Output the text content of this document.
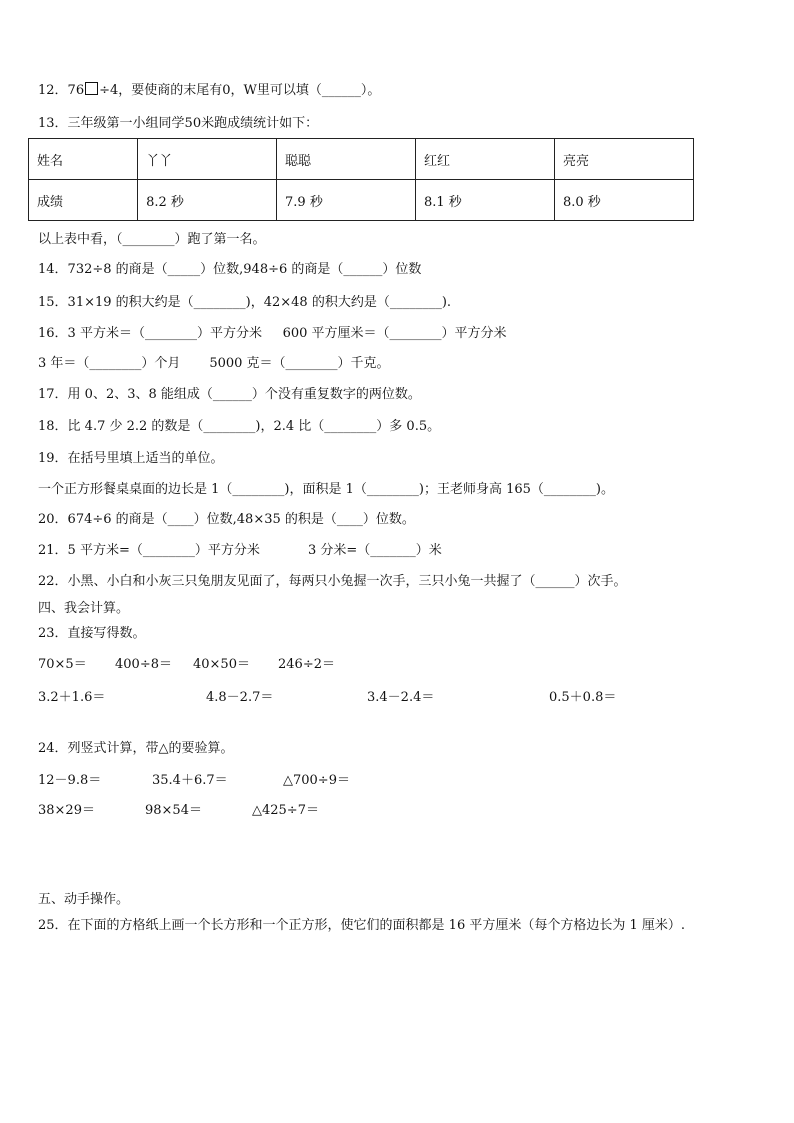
12．76 ÷4，要使商的末尾有0，W里可以填（______）。
13．三年级第一小组同学50米跑成绩统计如下：
姓名	丫丫	聪聪	红红	亮亮
成绩	8.2 秒	7.9 秒	8.1 秒	8.0 秒
以上表中看，（________）跑了第一名。
14．732÷8 的商是（_____）位数,948÷6 的商是（______）位数
15．31×19 的积大约是（________)，42×48 的积大约是（________).
16．3 平方米＝（________）平方分米     600 平方厘米＝（________）平方分米
3 年＝（________）个月       5000 克＝（________）千克。
17．用 0、2、3、8 能组成（______）个没有重复数字的两位数。
18．比 4.7 少 2.2 的数是（________)，2.4 比（________）多 0.5。
19．在括号里填上适当的单位。
一个正方形餐桌桌面的边长是 1（________)，面积是 1（________)；王老师身高 165（________)。
20．674÷6 的商是（____）位数,48×35 的积是（____）位数。
21．5 平方米=（________）平方分米	3 分米=（_______）米
22．小黑、小白和小灰三只兔朋友见面了，每两只小兔握一次手，三只小兔一共握了（______）次手。
四、我会计算。
23．直接写得数。
70×5＝ 400÷8＝ 40×50＝ 246÷2＝
3.2＋1.6＝	4.8－2.7＝	3.4－2.4＝	0.5＋0.8＝
24．列竖式计算，带△的要验算。
12－9.8＝	35.4＋6.7＝	△700÷9＝
38×29＝	98×54＝	△425÷7＝
五、动手操作。
25．在下面的方格纸上画一个长方形和一个正方形，使它们的面积都是 16 平方厘米（每个方格边长为 1 厘米）.
